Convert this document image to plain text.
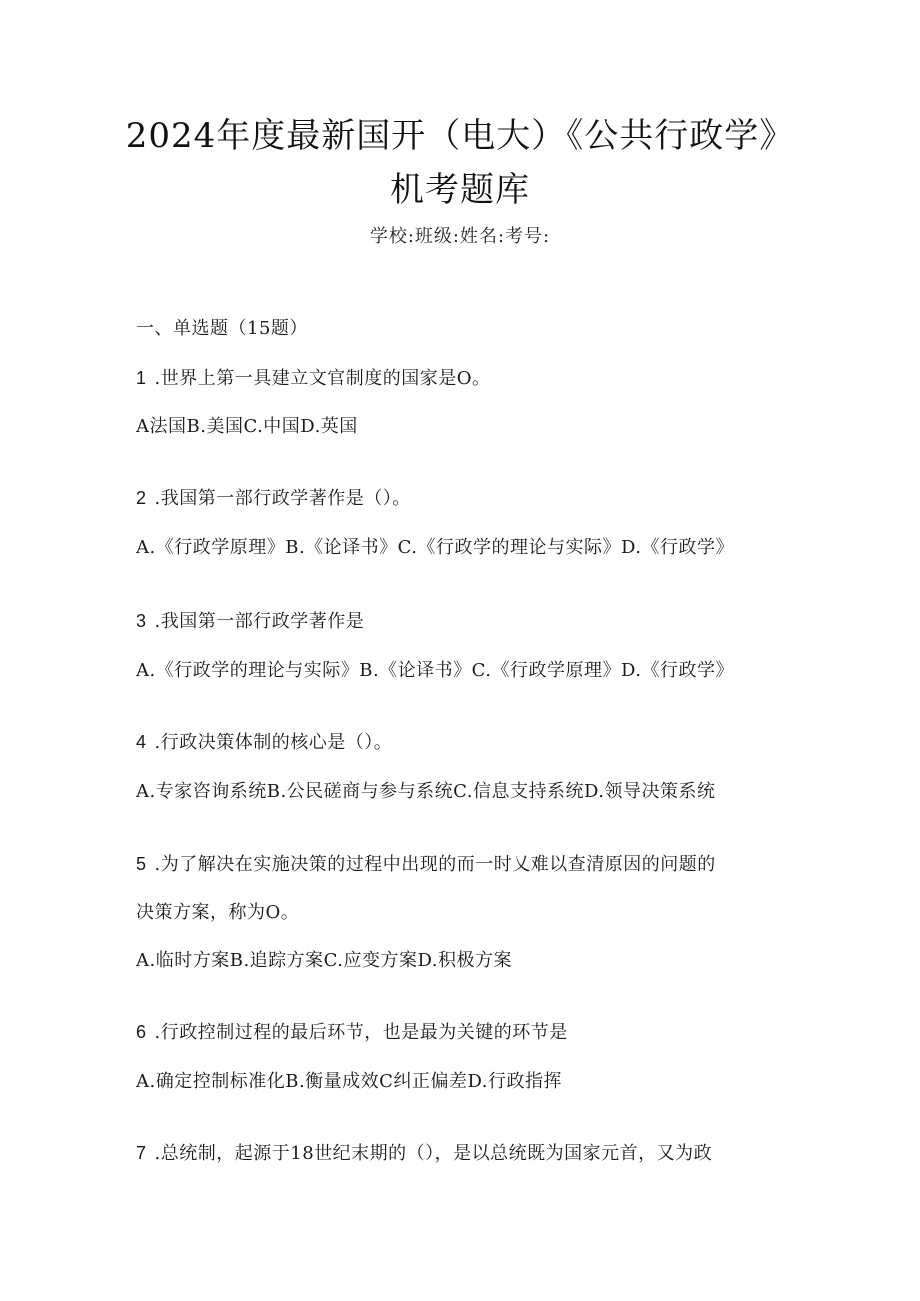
2024年度最新国开（电大）《公共行政学》
机考题库
学校:班级:姓名:考号:
一、单选题（15题）
1 .世界上第一具建立文官制度的国家是O。
A法国B.美国C.中国D.英国
2 .我国第一部行政学著作是（）。
A.《行政学原理》B.《论译书》C.《行政学的理论与实际》D.《行政学》
3 .我国第一部行政学著作是
A.《行政学的理论与实际》B.《论译书》C.《行政学原理》D.《行政学》
4 .行政决策体制的核心是（）。
A.专家咨询系统B.公民磋商与参与系统C.信息支持系统D.领导决策系统
5 .为了解决在实施决策的过程中出现的而一时乂难以查清原因的问题的
决策方案，称为O。
A.临时方案B.追踪方案C.应变方案D.积极方案
6 .行政控制过程的最后环节，也是最为关键的环节是
A.确定控制标准化B.衡量成效C纠正偏差D.行政指挥
7 .总统制，起源于18世纪末期的（），是以总统既为国家元首，又为政
